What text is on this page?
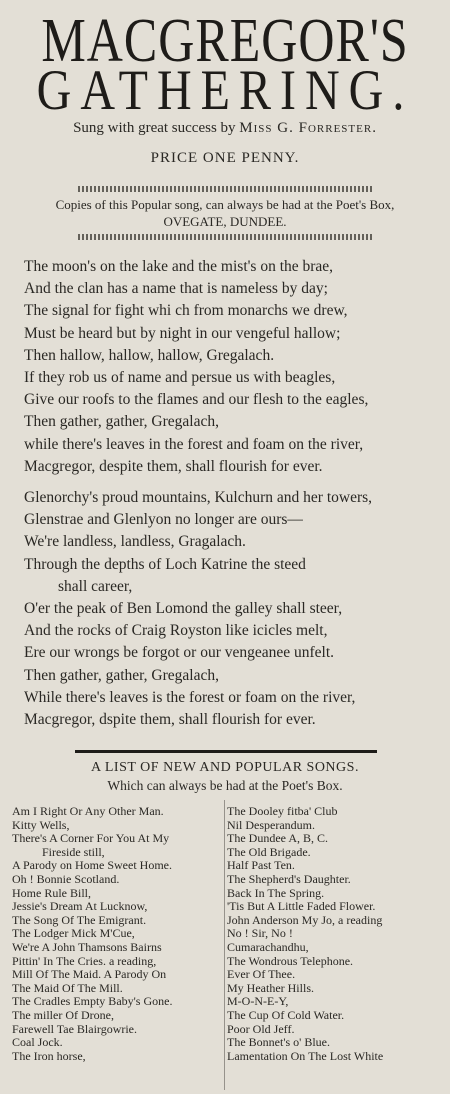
MACGREGOR'S
GATHERING.
Sung with great success by Miss G. Forrester.
PRICE ONE PENNY.
Copies of this Popular song, can always be had at the Poet's Box,
OVEGATE, DUNDEE.
The moon's on the lake and the mist's on the brae,
And the clan has a name that is nameless by day;
The signal for fight whi ch from monarchs we drew,
Must be heard but by night in our vengeful hallow;
Then hallow, hallow, hallow, Gregalach.
If they rob us of name and persue us with beagles,
Give our roofs to the flames and our flesh to the eagles,
Then gather, gather, Gregalach,
while there's leaves in the forest and foam on the river,
Macgregor, despite them, shall flourish for ever.
Glenorchy's proud mountains, Kulchurn and her towers,
Glenstrae and Glenlyon no longer are ours—
We're landless, landless, Gragalach.
Through the depths of Loch Katrine the steed
shall career,
O'er the peak of Ben Lomond the galley shall steer,
And the rocks of Craig Royston like icicles melt,
Ere our wrongs be forgot or our vengeanee unfelt.
Then gather, gather, Gregalach,
While there's leaves is the forest or foam on the river,
Macgregor, dspite them, shall flourish for ever.
A LIST OF NEW AND POPULAR SONGS.
Which can always be had at the Poet's Box.
Am I Right Or Any Other Man.
Kitty Wells,
There's A Corner For You At My
Fireside still,
A Parody on Home Sweet Home.
Oh ! Bonnie Scotland.
Home Rule Bill,
Jessie's Dream At Lucknow,
The Song Of The Emigrant.
The Lodger Mick M'Cue,
We're A John Thamsons Bairns
Pittin' In The Cries. a reading,
Mill Of The Maid. A Parody On
The Maid Of The Mill.
The Cradles Empty Baby's Gone.
The miller Of Drone,
Farewell Tae Blairgowrie.
Coal Jock.
The Iron horse,
The Dooley fitba' Club
Nil Desperandum.
The Dundee A, B, C.
The Old Brigade.
Half Past Ten.
The Shepherd's Daughter.
Back In The Spring.
'Tis But A Little Faded Flower.
John Anderson My Jo, a reading
No ! Sir, No !
Cumarachandhu,
The Wondrous Telephone.
Ever Of Thee.
My Heather Hills.
M-O-N-E-Y,
The Cup Of Cold Water.
Poor Old Jeff.
The Bonnet's o' Blue.
Lamentation On The Lost White
